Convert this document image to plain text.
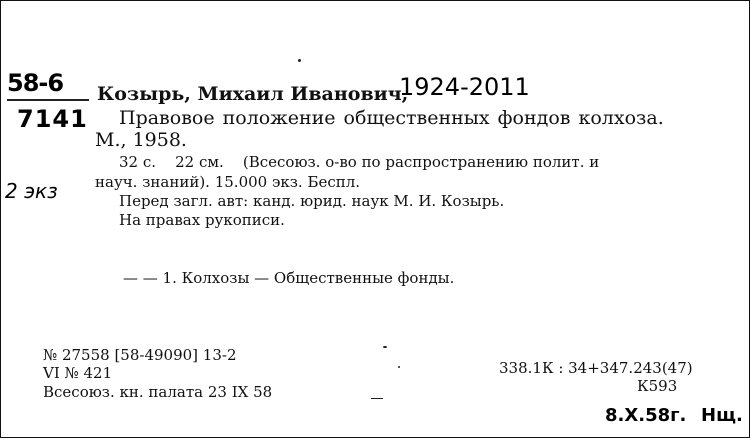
58-6
7141
2 экз
Козырь, Михаил Иванович,
1924-2011
Правовое положение общественных фондов колхоза.
М., 1958.
32 с.    22 см.    (Всесоюз. о-во по распространению полит. и
науч. знаний). 15.000 экз. Беспл.
Перед загл. авт: канд. юрид. наук М. И. Козырь.
На правах рукописи.
— — 1. Колхозы — Общественные фонды.
№ 27558 [58-49090] 13-2
VI № 421
Всесоюз. кн. палата 23 IX 58
338.1К : 34+347.243(47)
К593
8.X.58г. Нщ.
